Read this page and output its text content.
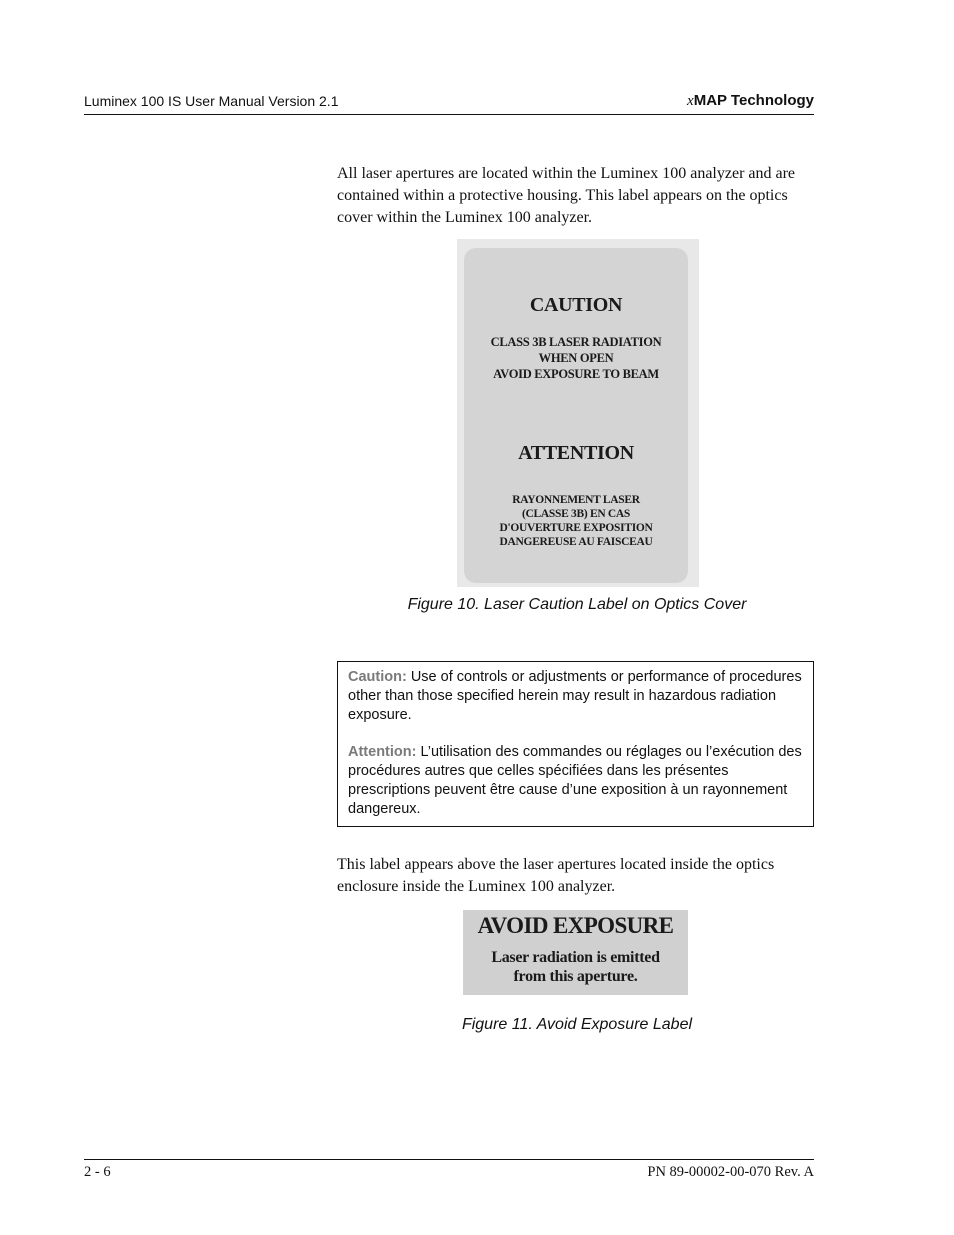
Luminex 100 IS User Manual Version 2.1	xMAP Technology
All laser apertures are located within the Luminex 100 analyzer and are contained within a protective housing. This label appears on the optics cover within the Luminex 100 analyzer.
CAUTION
CLASS 3B LASER RADIATION
WHEN OPEN
AVOID EXPOSURE TO BEAM
ATTENTION
RAYONNEMENT LASER
(CLASSE 3B) EN CAS
D'OUVERTURE EXPOSITION
DANGEREUSE AU FAISCEAU
Figure 10. Laser Caution Label on Optics Cover

Caution: Use of controls or adjustments or performance of procedures other than those specified herein may result in hazardous radiation exposure.

Attention: L’utilisation des commandes ou réglages ou l’exécution des procédures autres que celles spécifiées dans les présentes prescriptions peuvent être cause d’une exposition à un rayonnement dangereux.

This label appears above the laser apertures located inside the optics enclosure inside the Luminex 100 analyzer.
AVOID EXPOSURE
Laser radiation is emitted
from this aperture.
Figure 11. Avoid Exposure Label
2 - 6	PN 89-00002-00-070 Rev. A
